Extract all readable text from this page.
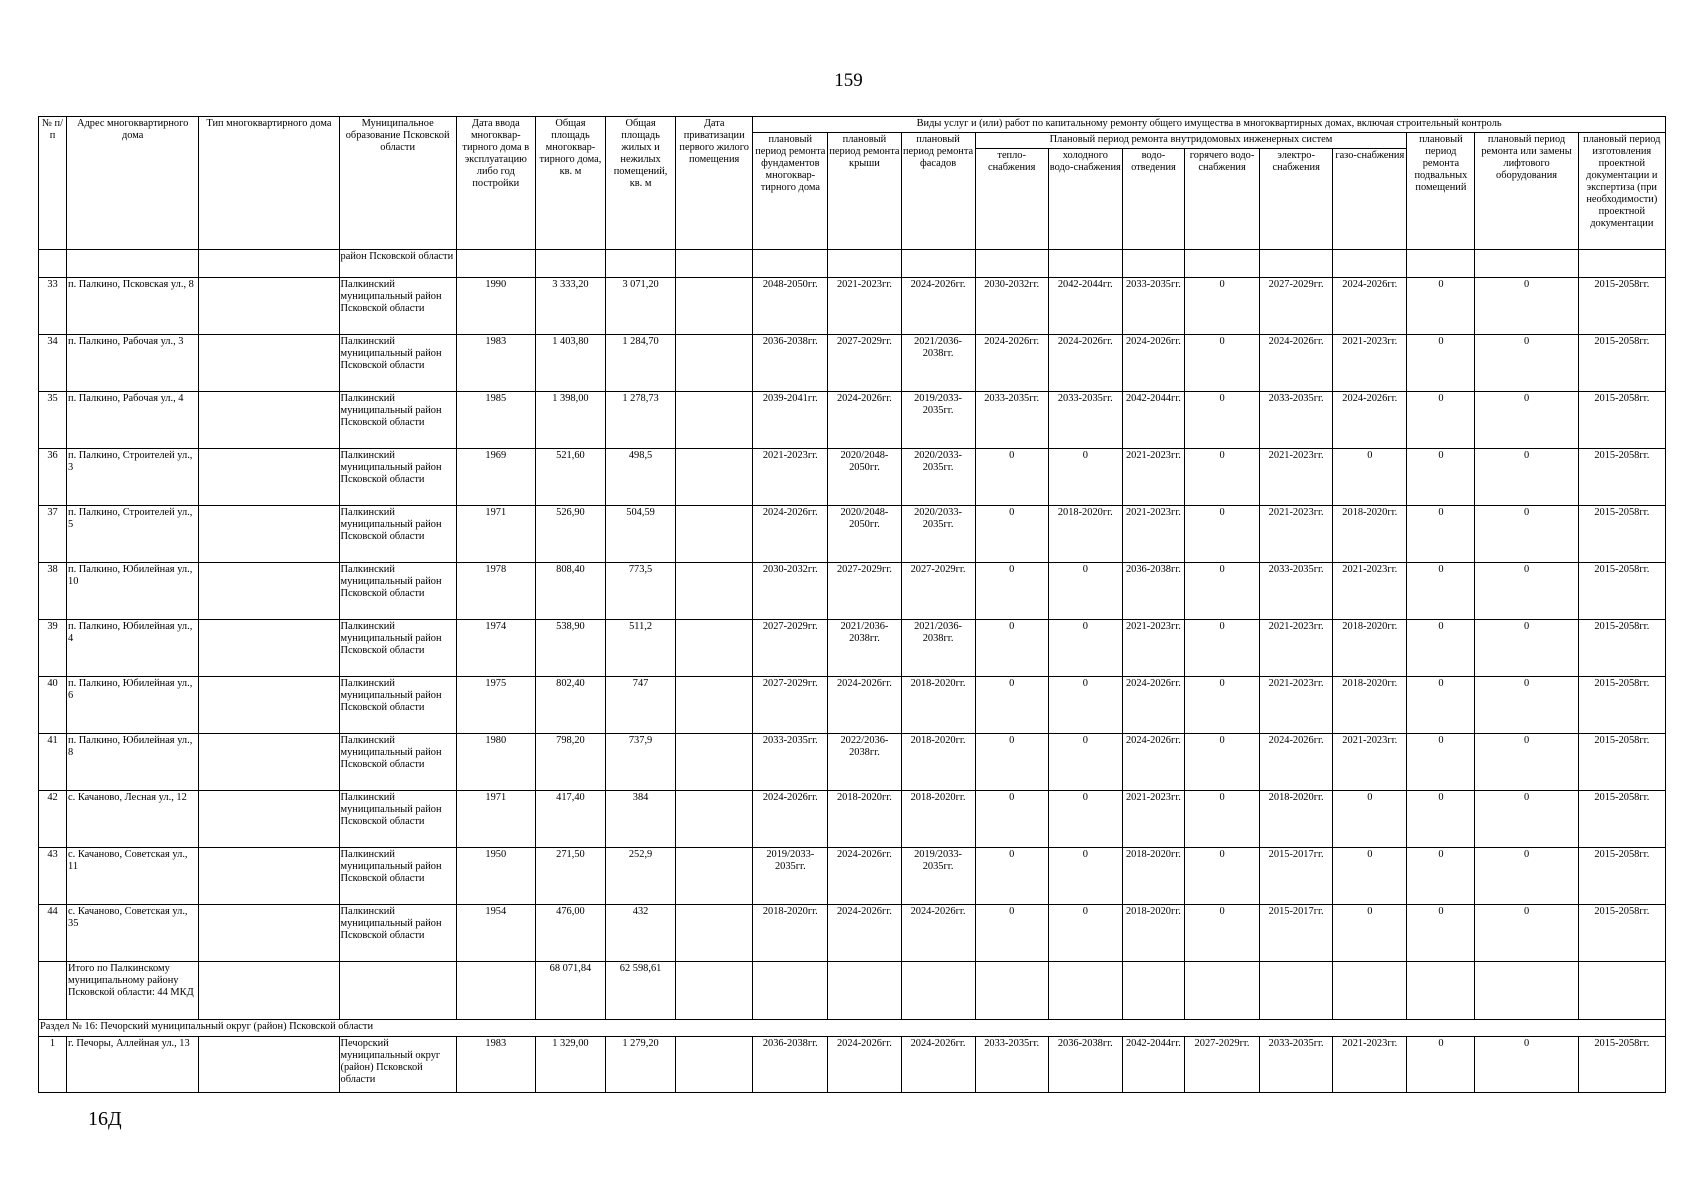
159
№ п/п	Адрес многоквартирного дома	Тип многоквартирного дома	Муниципальное образование Псковской области	Дата ввода многоквар-тирного дома в эксплуатацию либо год постройки	Общая площадь многоквар-тирного дома, кв. м	Общая площадь жилых и нежилых помещений, кв. м	Дата приватизации первого жилого помещения	Виды услуг и (или) работ по капитальному ремонту общего имущества в многоквартирных домах, включая строительный контроль											
								плановый период ремонта фундаментов многоквар-тирного дома	плановый период ремонта крыши	плановый период ремонта фасадов	Плановый период ремонта внутридомовых инженерных систем						плановый период ремонта подвальных помещений	плановый период ремонта или замены лифтового оборудования	плановый период изготовления проектной документации и экспертиза (при необходимости) проектной документации
											тепло-снабжения	холодного водо-снабжения	водо-отведения	горячего водо-снабжения	электро-снабжения	газо-снабжения			
			район Псковской области																
33	п. Палкино, Псковская ул., 8		Палкинский муниципальный район Псковской области	1990	3 333,20	3 071,20		2048-2050гг.	2021-2023гг.	2024-2026гг.	2030-2032гг.	2042-2044гг.	2033-2035гг.	0	2027-2029гг.	2024-2026гг.	0	0	2015-2058гг.
34	п. Палкино, Рабочая ул., 3		Палкинский муниципальный район Псковской области	1983	1 403,80	1 284,70		2036-2038гг.	2027-2029гг.	2021/2036-2038гг.	2024-2026гг.	2024-2026гг.	2024-2026гг.	0	2024-2026гг.	2021-2023гг.	0	0	2015-2058гг.
35	п. Палкино, Рабочая ул., 4		Палкинский муниципальный район Псковской области	1985	1 398,00	1 278,73		2039-2041гг.	2024-2026гг.	2019/2033-2035гг.	2033-2035гг.	2033-2035гг.	2042-2044гг.	0	2033-2035гг.	2024-2026гг.	0	0	2015-2058гг.
36	п. Палкино, Строителей ул., 3		Палкинский муниципальный район Псковской области	1969	521,60	498,5		2021-2023гг.	2020/2048-2050гг.	2020/2033-2035гг.	0	0	2021-2023гг.	0	2021-2023гг.	0	0	0	2015-2058гг.
37	п. Палкино, Строителей ул., 5		Палкинский муниципальный район Псковской области	1971	526,90	504,59		2024-2026гг.	2020/2048-2050гг.	2020/2033-2035гг.	0	2018-2020гг.	2021-2023гг.	0	2021-2023гг.	2018-2020гг.	0	0	2015-2058гг.
38	п. Палкино, Юбилейная ул., 10		Палкинский муниципальный район Псковской области	1978	808,40	773,5		2030-2032гг.	2027-2029гг.	2027-2029гг.	0	0	2036-2038гг.	0	2033-2035гг.	2021-2023гг.	0	0	2015-2058гг.
39	п. Палкино, Юбилейная ул., 4		Палкинский муниципальный район Псковской области	1974	538,90	511,2		2027-2029гг.	2021/2036-2038гг.	2021/2036-2038гг.	0	0	2021-2023гг.	0	2021-2023гг.	2018-2020гг.	0	0	2015-2058гг.
40	п. Палкино, Юбилейная ул., 6		Палкинский муниципальный район Псковской области	1975	802,40	747		2027-2029гг.	2024-2026гг.	2018-2020гг.	0	0	2024-2026гг.	0	2021-2023гг.	2018-2020гг.	0	0	2015-2058гг.
41	п. Палкино, Юбилейная ул., 8		Палкинский муниципальный район Псковской области	1980	798,20	737,9		2033-2035гг.	2022/2036-2038гг.	2018-2020гг.	0	0	2024-2026гг.	0	2024-2026гг.	2021-2023гг.	0	0	2015-2058гг.
42	с. Качаново, Лесная ул., 12		Палкинский муниципальный район Псковской области	1971	417,40	384		2024-2026гг.	2018-2020гг.	2018-2020гг.	0	0	2021-2023гг.	0	2018-2020гг.	0	0	0	2015-2058гг.
43	с. Качаново, Советская ул., 11		Палкинский муниципальный район Псковской области	1950	271,50	252,9		2019/2033-2035гг.	2024-2026гг.	2019/2033-2035гг.	0	0	2018-2020гг.	0	2015-2017гг.	0	0	0	2015-2058гг.
44	с. Качаново, Советская ул., 35		Палкинский муниципальный район Псковской области	1954	476,00	432		2018-2020гг.	2024-2026гг.	2024-2026гг.	0	0	2018-2020гг.	0	2015-2017гг.	0	0	0	2015-2058гг.
	Итого по Палкинскому муниципальному району Псковской области: 44 МКД				68 071,84	62 598,61													
Раздел № 16: Печорский муниципальный округ (район) Псковской области																			
1	г. Печоры, Аллейная ул., 13		Печорский муниципальный округ (район) Псковской области	1983	1 329,00	1 279,20		2036-2038гг.	2024-2026гг.	2024-2026гг.	2033-2035гг.	2036-2038гг.	2042-2044гг.	2027-2029гг.	2033-2035гг.	2021-2023гг.	0	0	2015-2058гг.
16Д
